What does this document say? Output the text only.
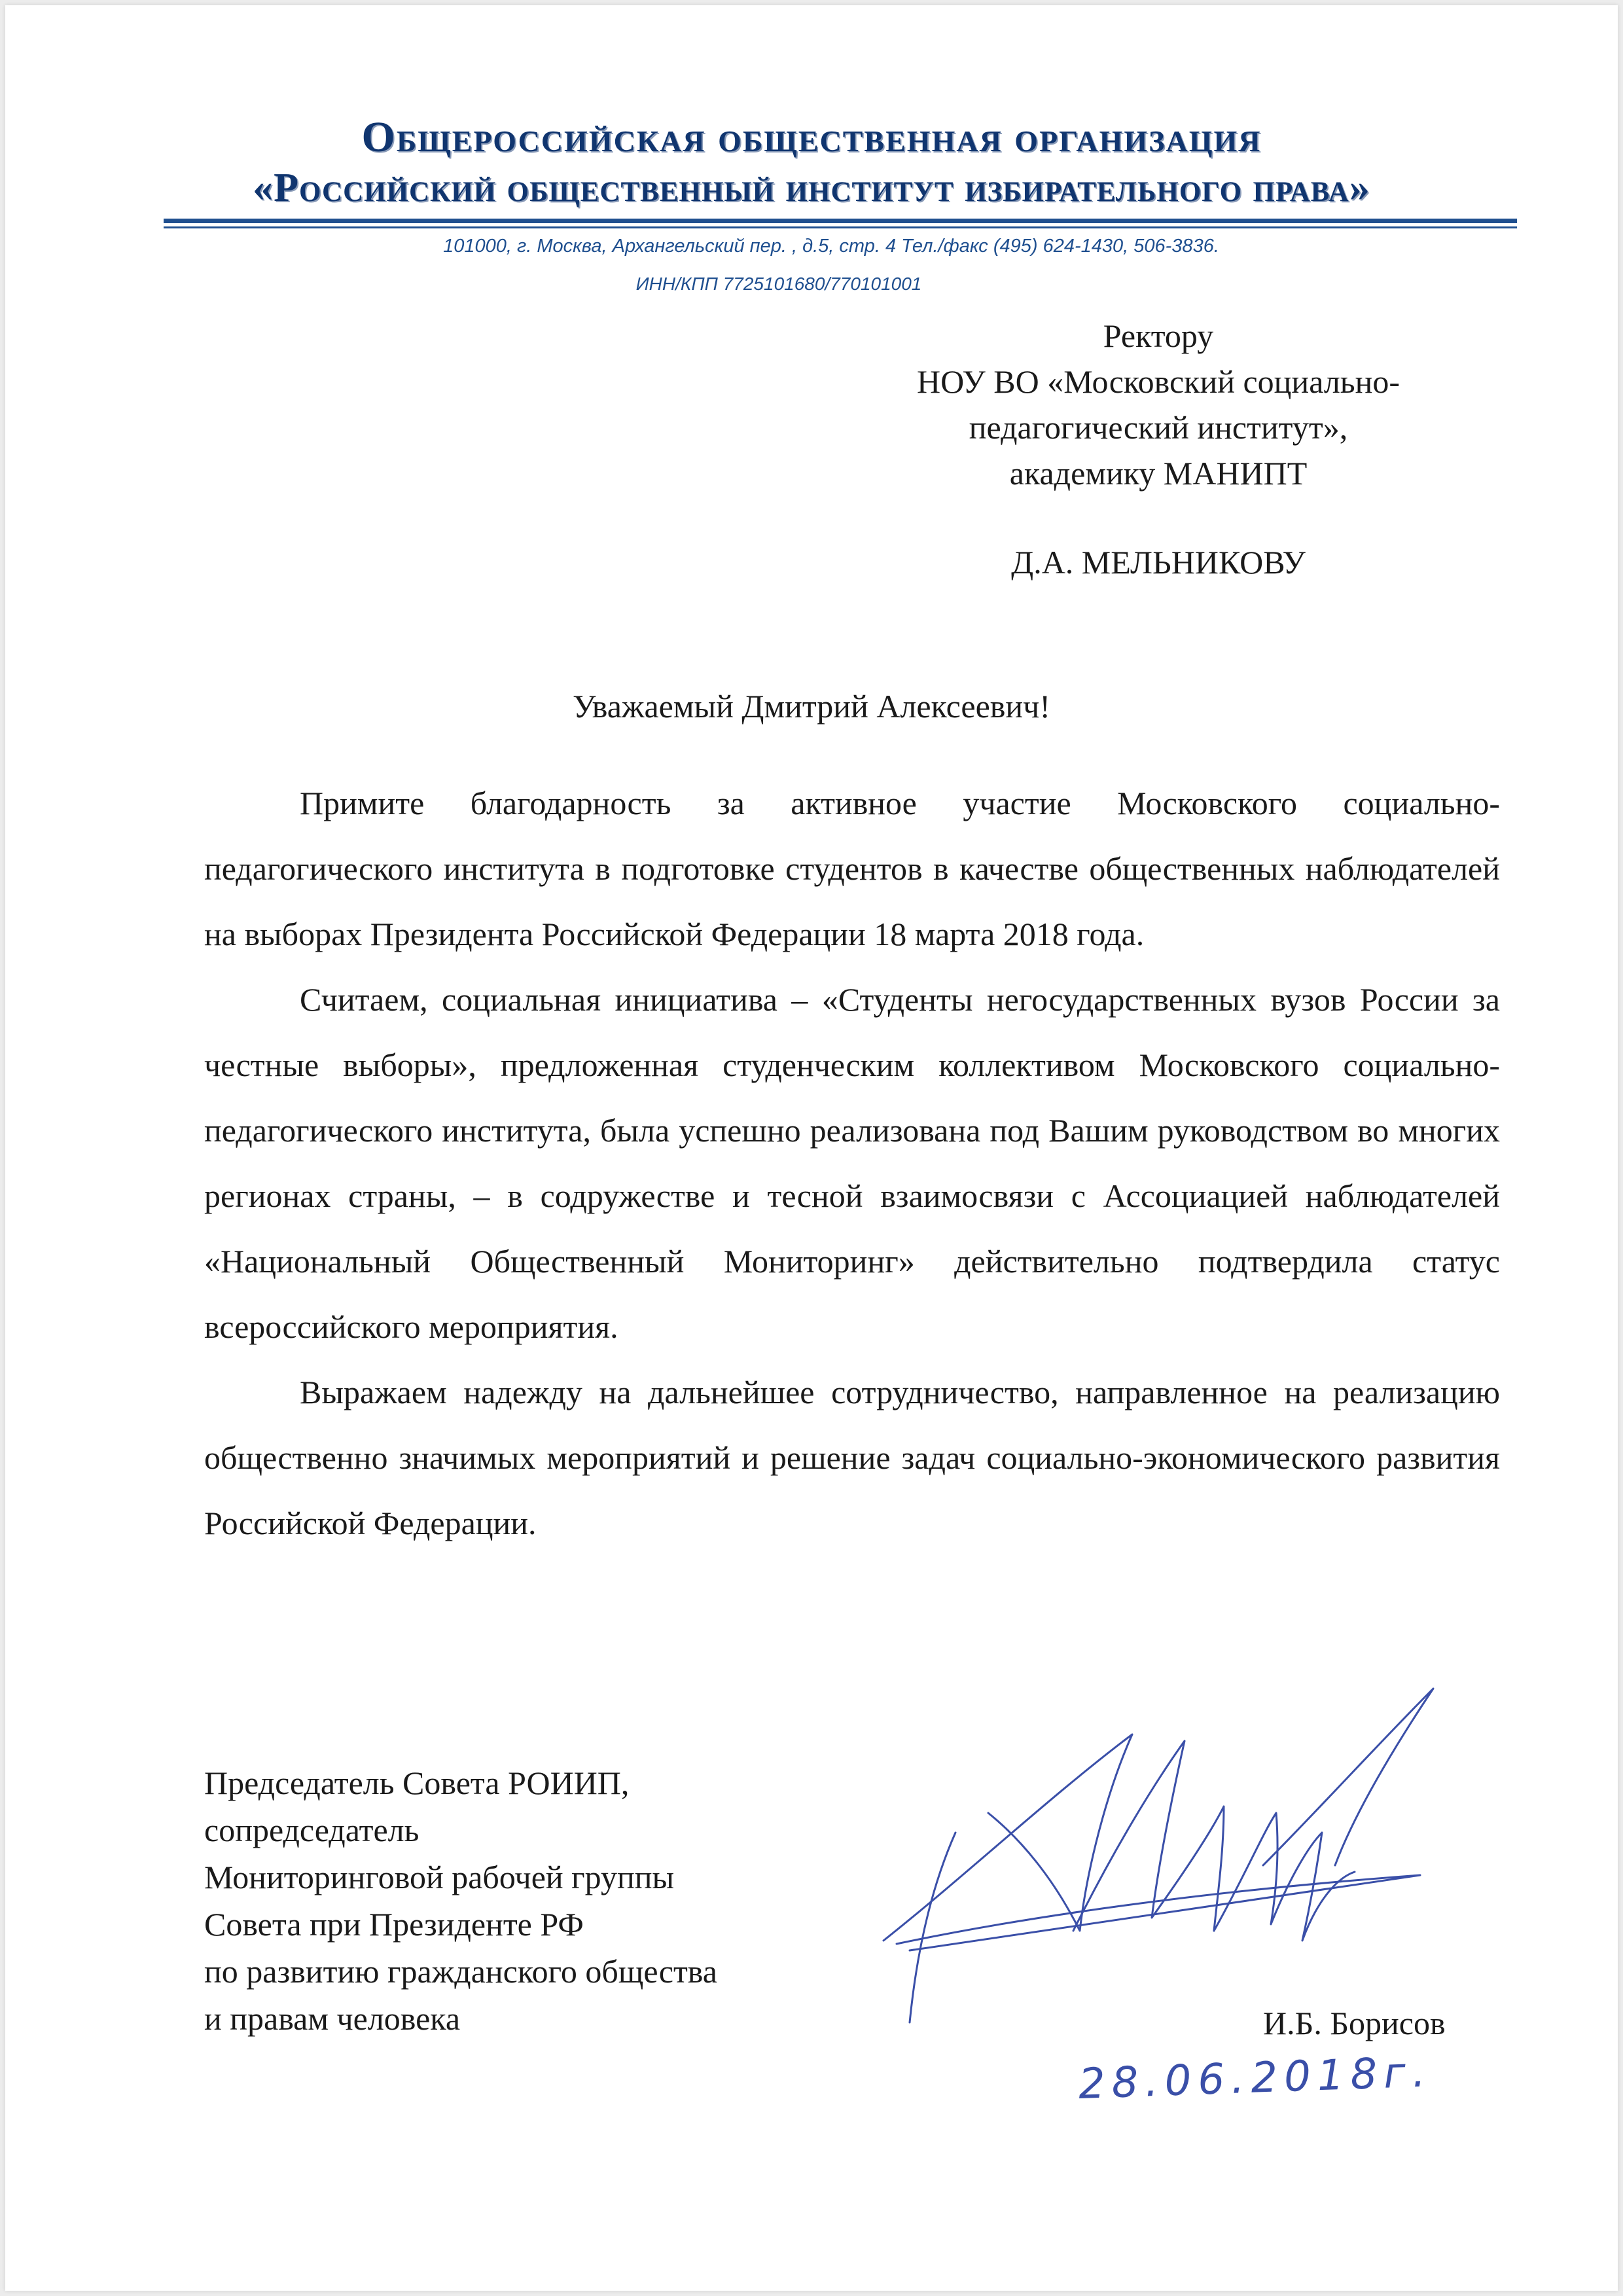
Общероссийская общественная организация
«Российский общественный институт избирательного права»
101000, г. Москва, Архангельский пер. , д.5, стр. 4 Тел./факс (495) 624-1430, 506-3836.
ИНН/КПП 7725101680/770101001
Ректору
НОУ ВО «Московский социально-
педагогический институт»,
академику МАНИПТ
Д.А. МЕЛЬНИКОВУ
Уважаемый Дмитрий Алексеевич!

Примите благодарность за активное участие Московского социально-педагогического института в подготовке студентов в качестве общественных наблюдателей на выборах Президента Российской Федерации 18 марта 2018 года.

Считаем, социальная инициатива – «Студенты негосударственных вузов России за честные выборы», предложенная студенческим коллективом Московского социально-педагогического института, была успешно реализована под Вашим руководством во многих регионах страны, – в содружестве и тесной взаимосвязи с Ассоциацией наблюдателей «Национальный Общественный Мониторинг» действительно подтвердила статус всероссийского мероприятия.

Выражаем надежду на дальнейшее сотрудничество, направленное на реализацию общественно значимых мероприятий и решение задач социально-экономического развития Российской Федерации.

Председатель Совета РОИИП,
сопредседатель
Мониторинговой рабочей группы
Совета при Президенте РФ
по развитию гражданского общества
и правам человека	И.Б. Борисов
28.06.2018г.
